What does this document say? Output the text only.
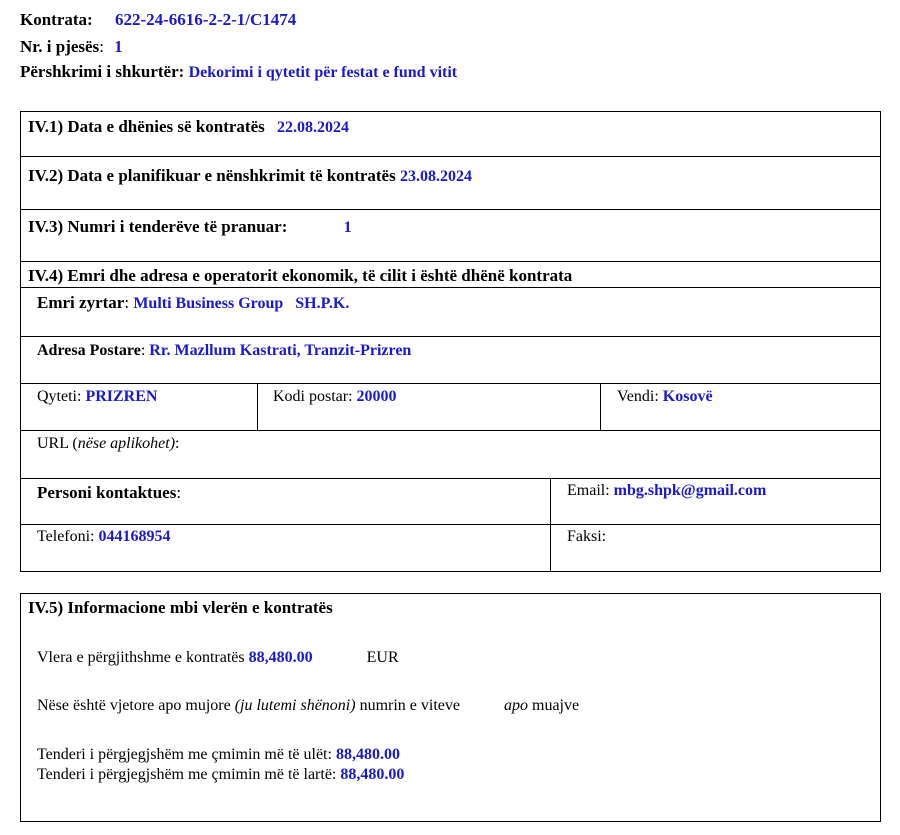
Kontrata: 622-24-6616-2-2-1/C1474
Nr. i pjesës: 1
Përshkrimi i shkurtër: Dekorimi i qytetit për festat e fund vitit
IV.1) Data e dhënies së kontratës 22.08.2024
IV.2) Data e planifikuar e nënshkrimit të kontratës 23.08.2024
IV.3) Numri i tenderëve të pranuar:	1
IV.4) Emri dhe adresa e operatorit ekonomik, të cilit i është dhënë kontrata
Emri zyrtar: Multi Business Group   SH.P.K.
Adresa Postare: Rr. Mazllum Kastrati, Tranzit-Prizren
Qyteti: PRIZREN	Kodi postar: 20000	Vendi: Kosovë
URL (nëse aplikohet):
Personi kontaktues:	Email: mbg.shpk@gmail.com
Telefoni: 044168954	Faksi:
IV.5) Informacione mbi vlerën e kontratës
Vlera e përgjithshme e kontratës 88,480.00	EUR
Nëse është vjetore apo mujore (ju lutemi shënoni) numrin e viteve	apo muajve
Tenderi i përgjegjshëm me çmimin më të ulët: 88,480.00
Tenderi i përgjegjshëm me çmimin më të lartë: 88,480.00
